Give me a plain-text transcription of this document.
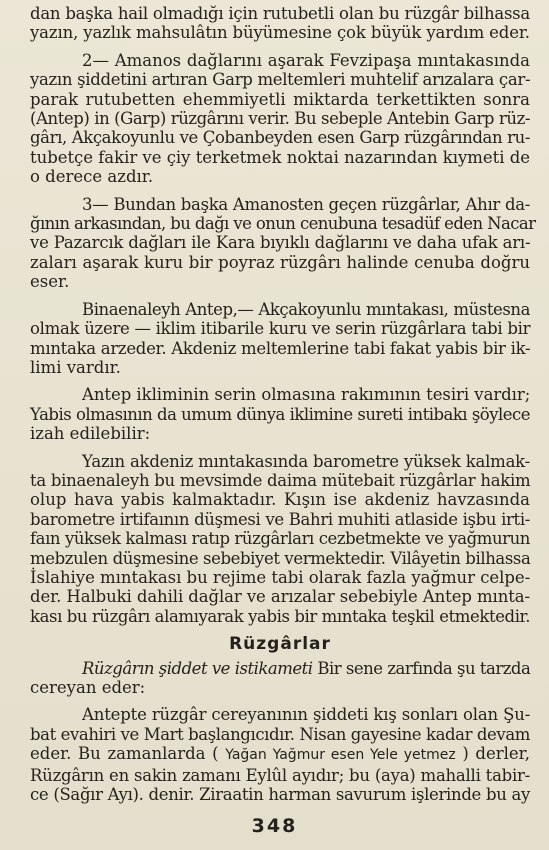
dan başka hail olmadığı için rutubetli olan bu rüzgâr bilhassa
yazın, yazlık mahsulâtın büyümesine çok büyük yardım eder.
2— Amanos dağlarını aşarak Fevzipaşa mıntakasında
yazın şiddetini artıran Garp meltemleri muhtelif arızalara çar-
parak rutubetten ehemmiyetli miktarda terkettikten sonra
(Antep) in (Garp) rüzgârını verir. Bu sebeple Antebin Garp rüz-
gârı, Akçakoyunlu ve Çobanbeyden esen Garp rüzgârından ru-
tubetçe fakir ve çiy terketmek noktai nazarından kıymeti de
o derece azdır.
3— Bundan başka Amanosten geçen rüzgârlar, Ahır da-
ğının arkasından, bu dağı ve onun cenubuna tesadüf eden Nacar
ve Pazarcık dağları ile Kara bıyıklı dağlarını ve daha ufak arı-
zaları aşarak kuru bir poyraz rüzgârı halinde cenuba doğru
eser.
Binaenaleyh Antep,— Akçakoyunlu mıntakası, müstesna
olmak üzere — iklim itibarile kuru ve serin rüzgârlara tabi bir
mıntaka arzeder. Akdeniz meltemlerine tabi fakat yabis bir ik-
limi vardır.
Antep ikliminin serin olmasına rakımının tesiri vardır;
Yabis olmasının da umum dünya iklimine sureti intibakı şöylece
izah edilebilir:
Yazın akdeniz mıntakasında barometre yüksek kalmak-
ta binaenaleyh bu mevsimde daima mütebait rüzgârlar hakim
olup hava yabis kalmaktadır. Kışın ise akdeniz havzasında
barometre irtifaının düşmesi ve Bahri muhiti atlaside işbu irti-
faın yüksek kalması ratıp rüzgârları cezbetmekte ve yağmurun
mebzulen düşmesine sebebiyet vermektedir. Vilâyetin bilhassa
İslahiye mıntakası bu rejime tabi olarak fazla yağmur celpe-
der. Halbuki dahili dağlar ve arızalar sebebiyle Antep mınta-
kası bu rüzgârı alamıyarak yabis bir mıntaka teşkil etmektedir.
Rüzgârlar
Rüzgârın şiddet ve istikameti Bir sene zarfında şu tarzda
cereyan eder:
Antepte rüzgâr cereyanının şiddeti kış sonları olan Şu-
bat evahiri ve Mart başlangıcıdır. Nisan gayesine kadar devam
eder. Bu zamanlarda ( Yağan Yağmur esen Yele yetmez ) derler,
Rüzgârın en sakin zamanı Eylûl ayıdır; bu (aya) mahalli tabir-
ce (Sağır Ayı). denir. Ziraatin harman savurum işlerinde bu ay
348
